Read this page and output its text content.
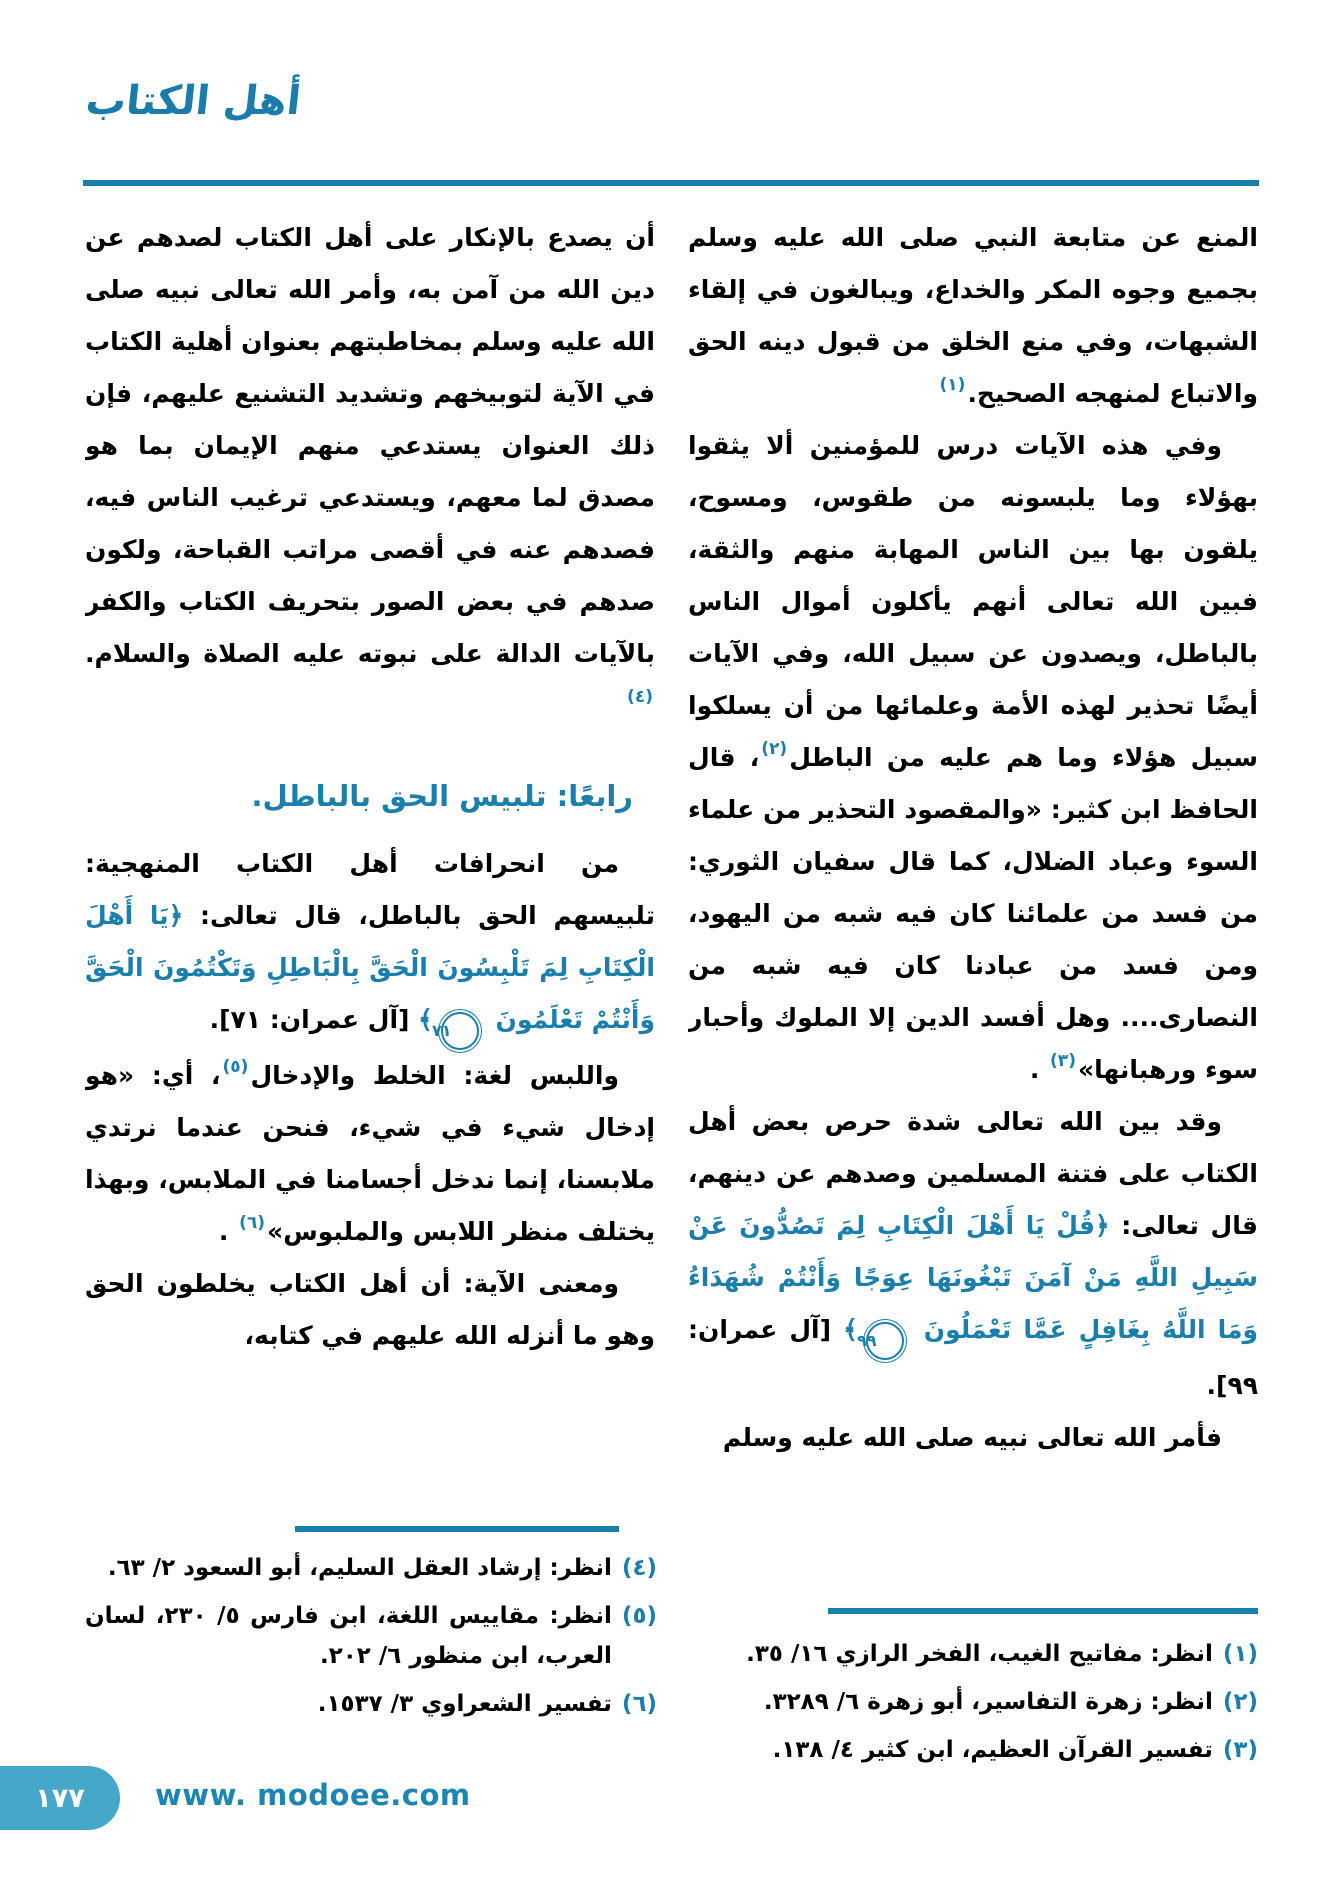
أهل الكتاب

المنع عن متابعة النبي صلى الله عليه وسلم بجميع وجوه المكر والخداع، ويبالغون في إلقاء الشبهات، وفي منع الخلق من قبول دينه الحق والاتباع لمنهجه الصحيح.$^{(١)}$

وفي هذه الآيات درس للمؤمنين ألا يثقوا بهؤلاء وما يلبسونه من طقوس، ومسوح، يلقون بها بين الناس المهابة منهم والثقة، فبين الله تعالى أنهم يأكلون أموال الناس بالباطل، ويصدون عن سبيل الله، وفي الآيات أيضًا تحذير لهذه الأمة وعلمائها من أن يسلكوا سبيل هؤلاء وما هم عليه من الباطل$^{(٢)}$، قال الحافظ ابن كثير: «والمقصود التحذير من علماء السوء وعباد الضلال، كما قال سفيان الثوري: من فسد من علمائنا كان فيه شبه من اليهود، ومن فسد من عبادنا كان فيه شبه من النصارى.... وهل أفسد الدين إلا الملوك وأحبار سوء ورهبانها»$^{(٣)}$ .

وقد بين الله تعالى شدة حرص بعض أهل الكتاب على فتنة المسلمين وصدهم عن دينهم، قال تعالى: ﴿قُلْ يَا أَهْلَ الْكِتَابِ لِمَ تَصُدُّونَ عَنْ سَبِيلِ اللَّهِ مَنْ آمَنَ تَبْغُونَهَا عِوَجًا وَأَنْتُمْ شُهَدَاءُ وَمَا اللَّهُ بِغَافِلٍ عَمَّا تَعْمَلُونَ ٩٩﴾ [آل عمران: ٩٩].

فأمر الله تعالى نبيه صلى الله عليه وسلم

(١)
انظر: مفاتيح الغيب، الفخر الرازي ١٦/ ٣٥.
(٢)
انظر: زهرة التفاسير، أبو زهرة ٦/ ٣٢٨٩.
(٣)
تفسير القرآن العظيم، ابن كثير ٤/ ١٣٨.

أن يصدع بالإنكار على أهل الكتاب لصدهم عن دين الله من آمن به، وأمر الله تعالى نبيه صلى الله عليه وسلم بمخاطبتهم بعنوان أهلية الكتاب في الآية لتوبيخهم وتشديد التشنيع عليهم، فإن ذلك العنوان يستدعي منهم الإيمان بما هو مصدق لما معهم، ويستدعي ترغيب الناس فيه، فصدهم عنه في أقصى مراتب القباحة، ولكون صدهم في بعض الصور بتحريف الكتاب والكفر بالآيات الدالة على نبوته عليه الصلاة والسلام.$^{(٤)}$

رابعًا: تلبيس الحق بالباطل.

من انحرافات أهل الكتاب المنهجية: تلبيسهم الحق بالباطل، قال تعالى: ﴿يَا أَهْلَ الْكِتَابِ لِمَ تَلْبِسُونَ الْحَقَّ بِالْبَاطِلِ وَتَكْتُمُونَ الْحَقَّ وَأَنْتُمْ تَعْلَمُونَ ٧١﴾ [آل عمران: ٧١].

واللبس لغة: الخلط والإدخال$^{(٥)}$، أي: «هو إدخال شيء في شيء، فنحن عندما نرتدي ملابسنا، إنما ندخل أجسامنا في الملابس، وبهذا يختلف منظر اللابس والملبوس»$^{(٦)}$ .

ومعنى الآية: أن أهل الكتاب يخلطون الحق وهو ما أنزله الله عليهم في كتابه،

(٤)
انظر: إرشاد العقل السليم، أبو السعود ٢/ ٦٣.
(٥)
انظر: مقاييس اللغة، ابن فارس ٥/ ٢٣٠، لسان العرب، ابن منظور ٦/ ٢٠٢.
(٦)
تفسير الشعراوي ٣/ ١٥٣٧.
١٧٧ www. modoee.com
